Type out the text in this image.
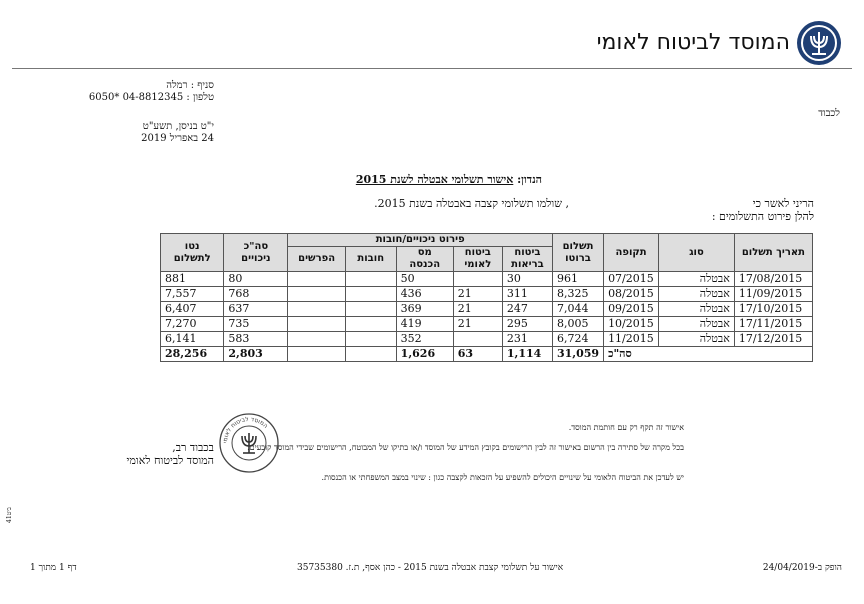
המוסד לביטוח לאומי
סניף : רמלה
טלפון : 04-8812345 *6050
לכבוד
י"ט בניסן, תשע"ט
24 באפריל 2019
הנדון: אישור תשלומי אבטלה לשנת 2015
הריני לאשר כי
, שולמו תשלומי קצבה באבטלה בשנת 2015.
להלן פירוט התשלומים :
תאריך תשלום	סוג	תקופה	תשלום ברוטו	פירוט ניכויים/חובות					סה"כ ניכויים	נטו לתשלום
				ביטוח בריאות	ביטוח לאומי	מס הכנסה	חובות	הפרשים		
17/08/2015	אבטלה	07/2015	961	30		50			80	881
11/09/2015	אבטלה	08/2015	8,325	311	21	436			768	7,557
17/10/2015	אבטלה	09/2015	7,044	247	21	369			637	6,407
17/11/2015	אבטלה	10/2015	8,005	295	21	419			735	7,270
17/12/2015	אבטלה	11/2015	6,724	231		352			583	6,141
סה"כ			31,059	1,114	63	1,626			2,803	28,256
אישור זה תקף רק עם חותמת המוסד.
בכל מקרה של סתירה בין הרשום באישור זה לבין הרישומים בקובץ המידע של המוסד ו/או בתיקו של המבוטח, הרישומים שבידי המוסד קובעים.
יש לעדכן את הביטוח הלאומי על שינויים היכולים להשפיע על הזכאות לקצבה כגון : שינוי במצב המשפחתי או הכנסות.
המוסד לביטוח לאומי
בכבוד רב,
המוסד לביטוח לאומי
הופק ב-24/04/2019
אישור על תשלומי קצבת אבטלה בשנת 2015 - כהן אסף, ת.ז. 35735380
דף 1 מתוך 1
41ביט
